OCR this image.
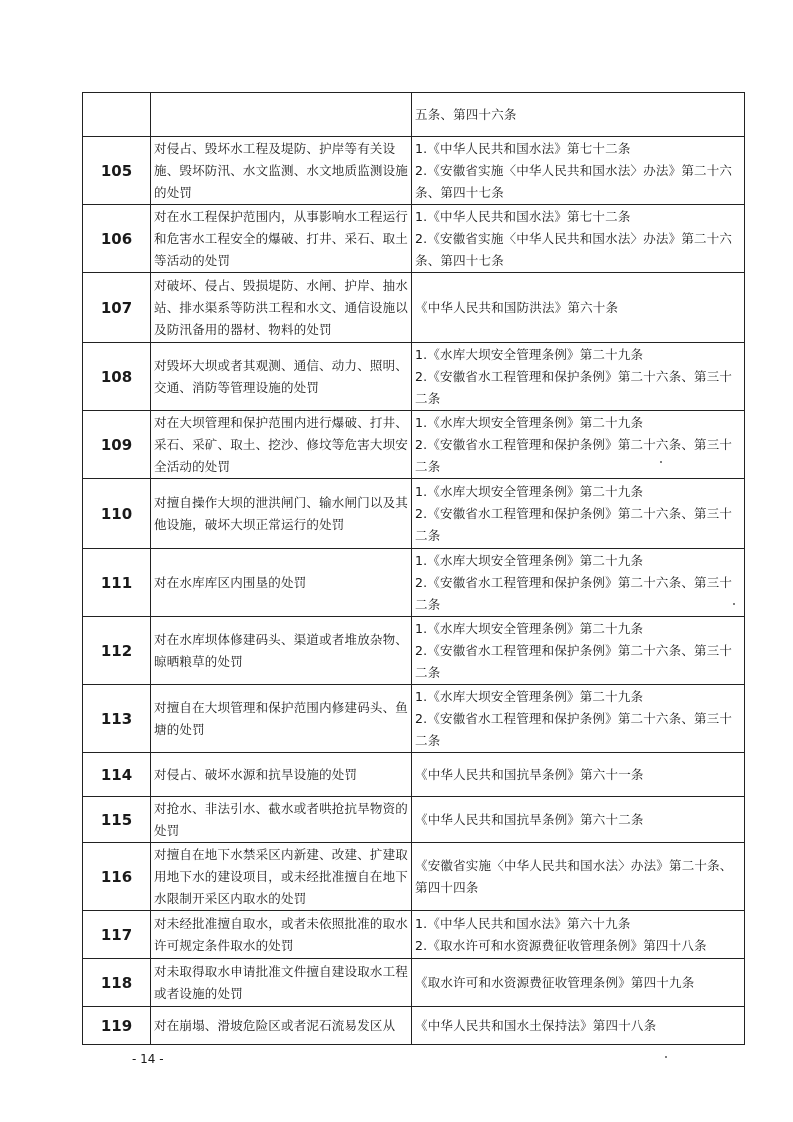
		五条、第四十六条

105	对侵占、毁坏水工程及堤防、护岸等有关设施、毁坏防汛、水文监测、水文地质监测设施的处罚	1.《中华人民共和国水法》第七十二条
2.《安徽省实施〈中华人民共和国水法〉办法》第二十六条、第四十七条

106	对在水工程保护范围内，从事影响水工程运行和危害水工程安全的爆破、打井、采石、取土等活动的处罚	1.《中华人民共和国水法》第七十二条
2.《安徽省实施〈中华人民共和国水法〉办法》第二十六条、第四十七条

107	对破坏、侵占、毁损堤防、水闸、护岸、抽水站、排水渠系等防洪工程和水文、通信设施以及防汛备用的器材、物料的处罚	《中华人民共和国防洪法》第六十条

108	对毁坏大坝或者其观测、通信、动力、照明、交通、消防等管理设施的处罚	1.《水库大坝安全管理条例》第二十九条
2.《安徽省水工程管理和保护条例》第二十六条、第三十二条

109	对在大坝管理和保护范围内进行爆破、打井、采石、采矿、取土、挖沙、修坟等危害大坝安全活动的处罚	1.《水库大坝安全管理条例》第二十九条
2.《安徽省水工程管理和保护条例》第二十六条、第三十二条

110	对擅自操作大坝的泄洪闸门、输水闸门以及其他设施，破坏大坝正常运行的处罚	1.《水库大坝安全管理条例》第二十九条
2.《安徽省水工程管理和保护条例》第二十六条、第三十二条

111	对在水库库区内围垦的处罚	1.《水库大坝安全管理条例》第二十九条
2.《安徽省水工程管理和保护条例》第二十六条、第三十二条

112	对在水库坝体修建码头、渠道或者堆放杂物、晾晒粮草的处罚	1.《水库大坝安全管理条例》第二十九条
2.《安徽省水工程管理和保护条例》第二十六条、第三十二条

113	对擅自在大坝管理和保护范围内修建码头、鱼塘的处罚	1.《水库大坝安全管理条例》第二十九条
2.《安徽省水工程管理和保护条例》第二十六条、第三十二条

114	对侵占、破坏水源和抗旱设施的处罚	《中华人民共和国抗旱条例》第六十一条

115	对抢水、非法引水、截水或者哄抢抗旱物资的处罚	《中华人民共和国抗旱条例》第六十二条

116	对擅自在地下水禁采区内新建、改建、扩建取用地下水的建设项目，或未经批准擅自在地下水限制开采区内取水的处罚	《安徽省实施〈中华人民共和国水法〉办法》第二十条、第四十四条

117	对未经批准擅自取水，或者未依照批准的取水许可规定条件取水的处罚	1.《中华人民共和国水法》第六十九条
2.《取水许可和水资源费征收管理条例》第四十八条

118	对未取得取水申请批准文件擅自建设取水工程或者设施的处罚	《取水许可和水资源费征收管理条例》第四十九条

119	对在崩塌、滑坡危险区或者泥石流易发区从	《中华人民共和国水土保持法》第四十八条
- 14 -
